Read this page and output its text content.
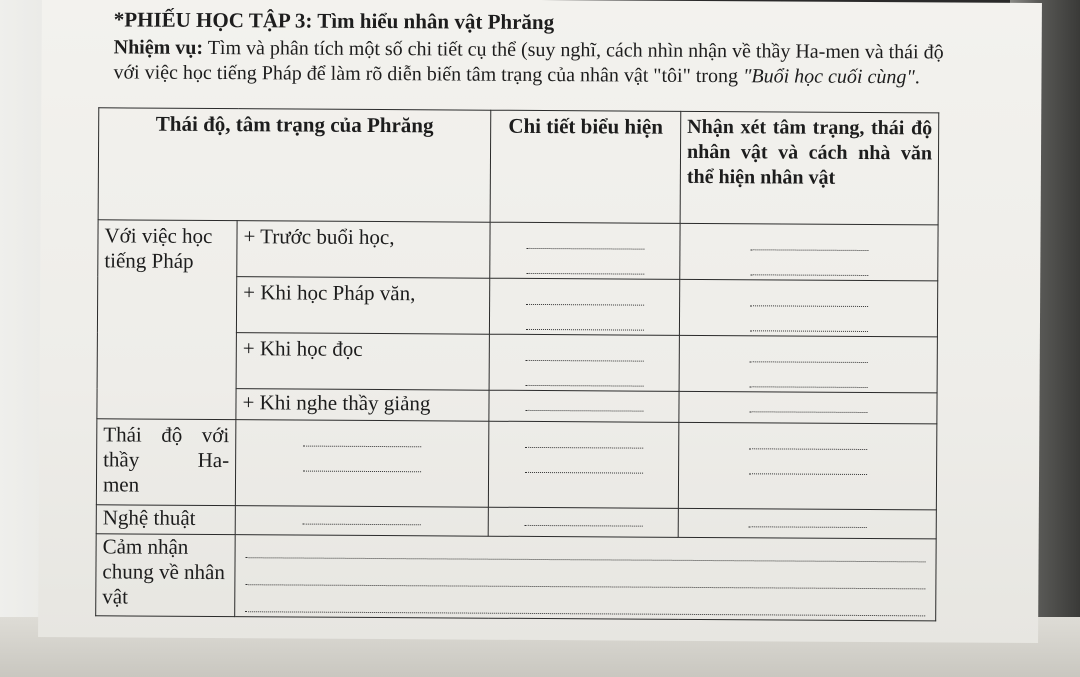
*PHIẾU HỌC TẬP 3: Tìm hiểu nhân vật Phrăng
Nhiệm vụ: Tìm và phân tích một số chi tiết cụ thể (suy nghĩ, cách nhìn nhận về thầy Ha-men và thái độ với việc học tiếng Pháp để làm rõ diễn biến tâm trạng của nhân vật "tôi" trong "Buổi học cuối cùng".
Thái độ, tâm trạng của Phrăng		Chi tiết biểu hiện	Nhận xét tâm trạng, thái độ nhân vật và cách nhà văn thể hiện nhân vật
Với việc học tiếng Pháp	+ Trước buổi học,	

	+ Khi học Pháp văn,	

	+ Khi học đọc	

	+ Khi nghe thầy giảng	

Thái độ với thầy Ha-
men			

Nghệ thuật	

Cảm nhận chung về nhân vật			
